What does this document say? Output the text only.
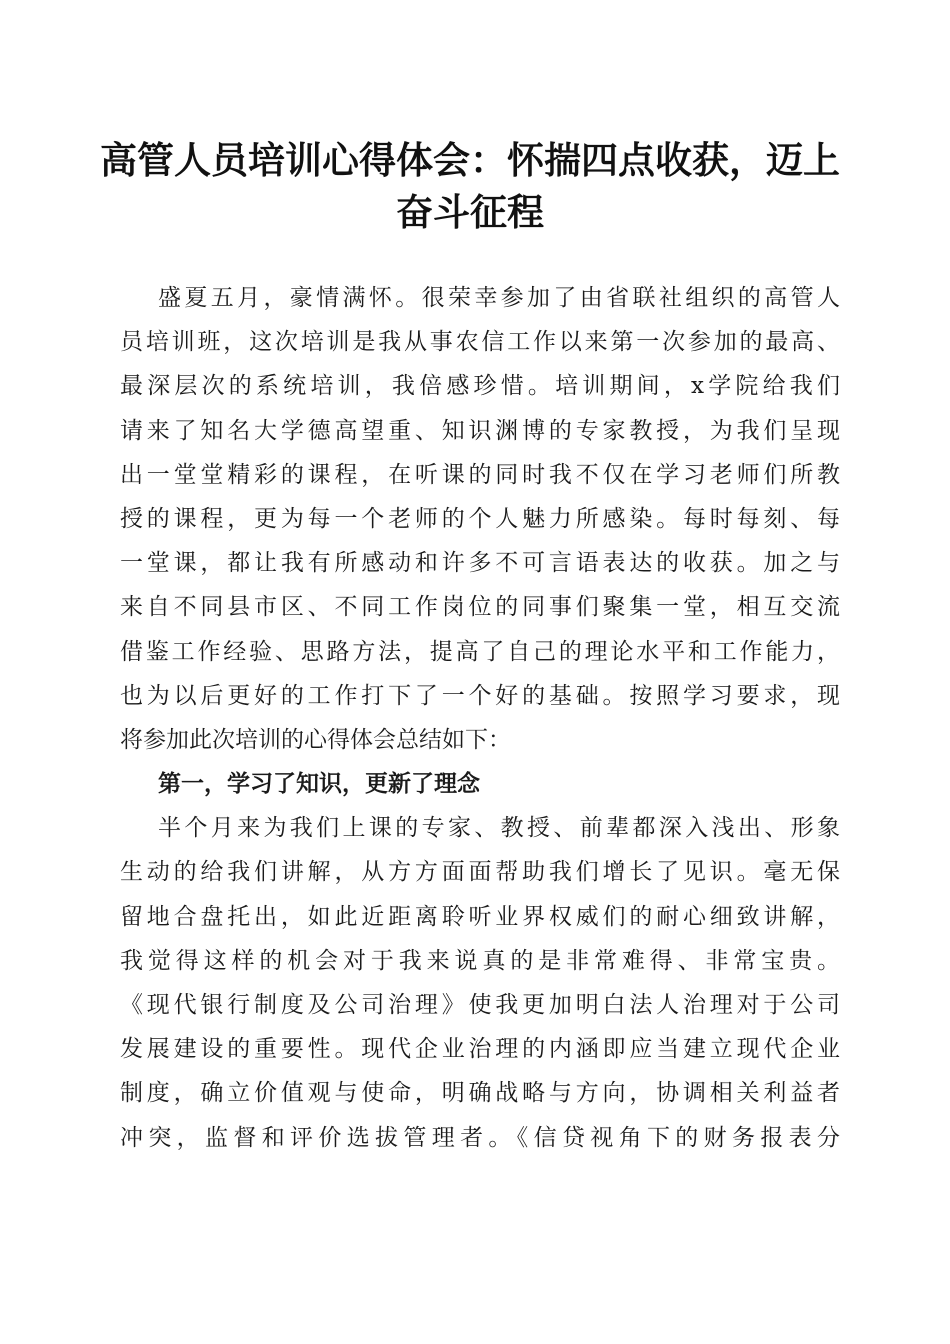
高管人员培训心得体会：怀揣四点收获，迈上
奋斗征程
盛夏五月，豪情满怀。很荣幸参加了由省联社组织的高管人
员培训班，这次培训是我从事农信工作以来第一次参加的最高、
最深层次的系统培训，我倍感珍惜。培训期间，x学院给我们
请来了知名大学德高望重、知识渊博的专家教授，为我们呈现
出一堂堂精彩的课程，在听课的同时我不仅在学习老师们所教
授的课程，更为每一个老师的个人魅力所感染。每时每刻、每
一堂课，都让我有所感动和许多不可言语表达的收获。加之与
来自不同县市区、不同工作岗位的同事们聚集一堂，相互交流
借鉴工作经验、思路方法，提高了自己的理论水平和工作能力，
也为以后更好的工作打下了一个好的基础。按照学习要求，现
将参加此次培训的心得体会总结如下：
第一，学习了知识，更新了理念
半个月来为我们上课的专家、教授、前辈都深入浅出、形象
生动的给我们讲解，从方方面面帮助我们增长了见识。毫无保
留地合盘托出，如此近距离聆听业界权威们的耐心细致讲解，
我觉得这样的机会对于我来说真的是非常难得、非常宝贵。
《现代银行制度及公司治理》使我更加明白法人治理对于公司
发展建设的重要性。现代企业治理的内涵即应当建立现代企业
制度，确立价值观与使命，明确战略与方向，协调相关利益者
冲突，监督和评价选拔管理者。《信贷视角下的财务报表分
